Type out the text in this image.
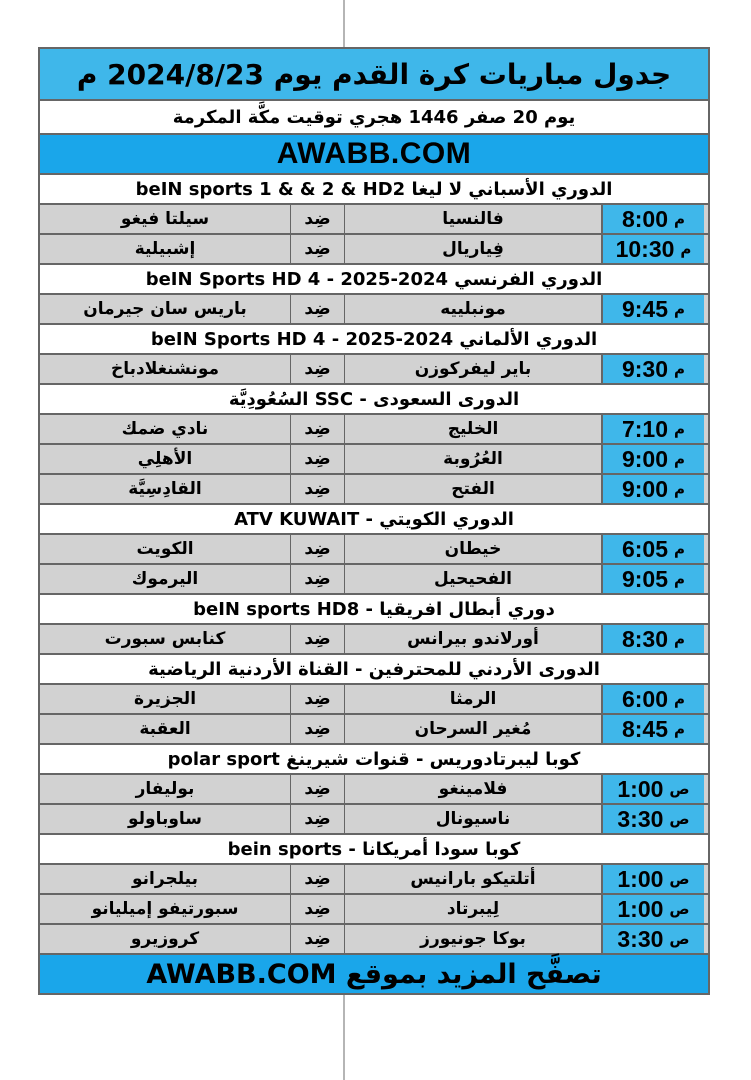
جدول مباريات كرة القدم يوم 2024/8/23 م
يوم 20 صفر 1446 هجري توقيت مكَّة المكرمة
AWABB.COM
الدوري الأسباني لا ليغا beIN sports 1 & & 2 & HD2
سيلتا فيغو	ضِد	فالنسيا	8:00 م
إشبيلية	ضِد	فِياريال	10:30 م
الدوري الفرنسي 2024-2025 - beIN Sports HD 4
باريس سان جيرمان	ضِد	مونبلييه	9:45 م
الدوري الألماني 2024-2025 - beIN Sports HD 4
مونشنغلادباخ	ضِد	باير ليفركوزن	9:30 م
الدورى السعودى - SSC السُعُودِيَّة
نادي ضمك	ضِد	الخليج	7:10 م
الأهلِي	ضِد	العُرُوبة	9:00 م
القادِسِيَّة	ضِد	الفتح	9:00 م
الدوري الكويتي - ATV KUWAIT
الكويت	ضِد	خيطان	6:05 م
اليرموك	ضِد	الفحيحيل	9:05 م
دوري أبطال افريقيا - beIN sports HD8
كنابس سبورت	ضِد	أورلاندو بيرانس	8:30 م
الدورى الأردني للمحترفين - القناة الأردنية الرياضية
الجزيرة	ضِد	الرمثا	6:00 م
العقبة	ضِد	مُغير السرحان	8:45 م
كوبا ليبرتادوريس - قنوات شيرينغ polar sport
بوليفار	ضِد	فلامينغو	1:00 ص
ساوباولو	ضِد	ناسيونال	3:30 ص
كوبا سودا أمريكانا - bein sports
بيلجرانو	ضِد	أتلتيكو بارانيس	1:00 ص
سبورتيفو إميليانو	ضِد	لِيبرتاد	1:00 ص
كروزيرو	ضِد	بوكا جونيورز	3:30 ص
تصفَّح المزيد بموقع AWABB.COM
